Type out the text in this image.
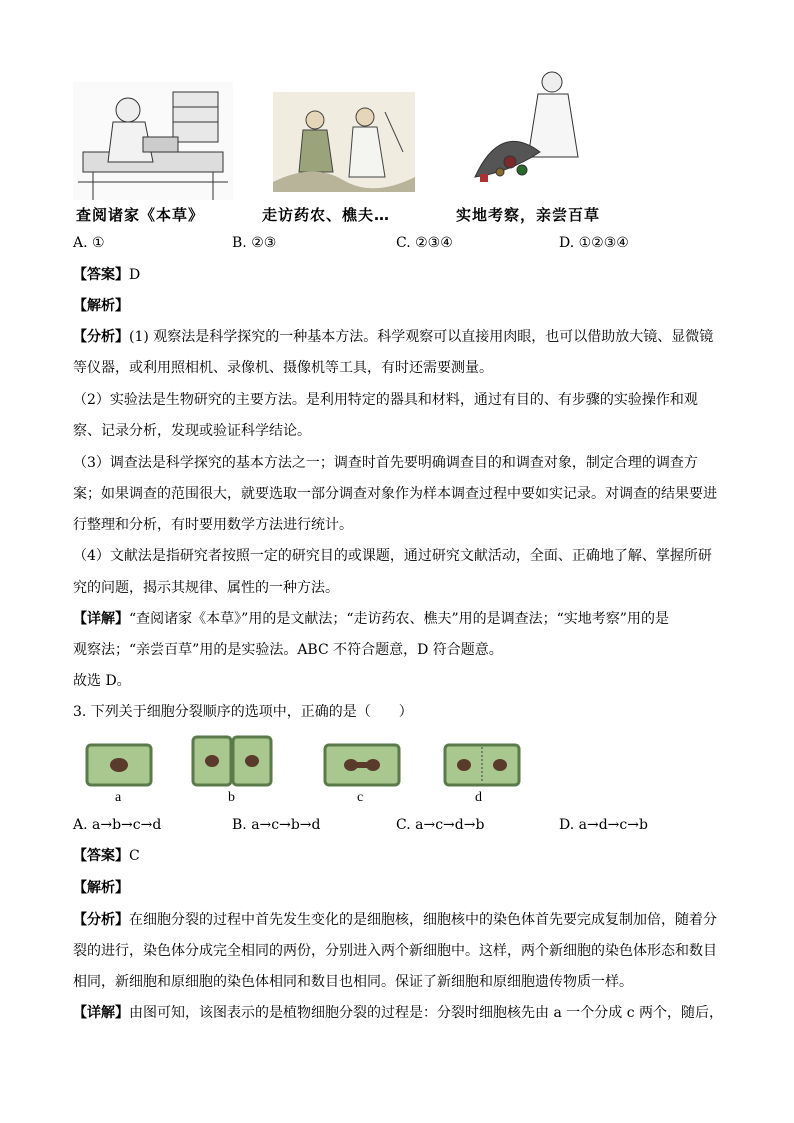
查阅诸家《本草》	走访药农、樵夫…	实地考察，亲尝百草
A. ①	B. ②③	C. ②③④	D. ①②③④
【答案】D
【解析】
【分析】(1) 观察法是科学探究的一种基本方法。科学观察可以直接用肉眼，也可以借助放大镜、显微镜
等仪器，或利用照相机、录像机、摄像机等工具，有时还需要测量。
（2）实验法是生物研究的主要方法。是利用特定的器具和材料，通过有目的、有步骤的实验操作和观
察、记录分析，发现或验证科学结论。
（3）调查法是科学探究的基本方法之一；调查时首先要明确调查目的和调查对象，制定合理的调查方
案；如果调查的范围很大，就要选取一部分调查对象作为样本调查过程中要如实记录。对调查的结果要进
行整理和分析，有时要用数学方法进行统计。
（4）文献法是指研究者按照一定的研究目的或课题，通过研究文献活动，全面、正确地了解、掌握所研
究的问题，揭示其规律、属性的一种方法。
【详解】“查阅诸家《本草》”用的是文献法；“走访药农、樵夫”用的是调查法；“实地考察”用的是
观察法；“亲尝百草”用的是实验法。ABC 不符合题意，D 符合题意。
故选 D。
3. 下列关于细胞分裂顺序的选项中，正确的是（　　）
a	b	c	d
A. a→b→c→d	B. a→c→b→d	C. a→c→d→b	D. a→d→c→b
【答案】C
【解析】
【分析】在细胞分裂的过程中首先发生变化的是细胞核，细胞核中的染色体首先要完成复制加倍，随着分
裂的进行，染色体分成完全相同的两份，分别进入两个新细胞中。这样，两个新细胞的染色体形态和数目
相同，新细胞和原细胞的染色体相同和数目也相同。保证了新细胞和原细胞遗传物质一样。
【详解】由图可知，该图表示的是植物细胞分裂的过程是：分裂时细胞核先由 a 一个分成 c 两个，随后，
